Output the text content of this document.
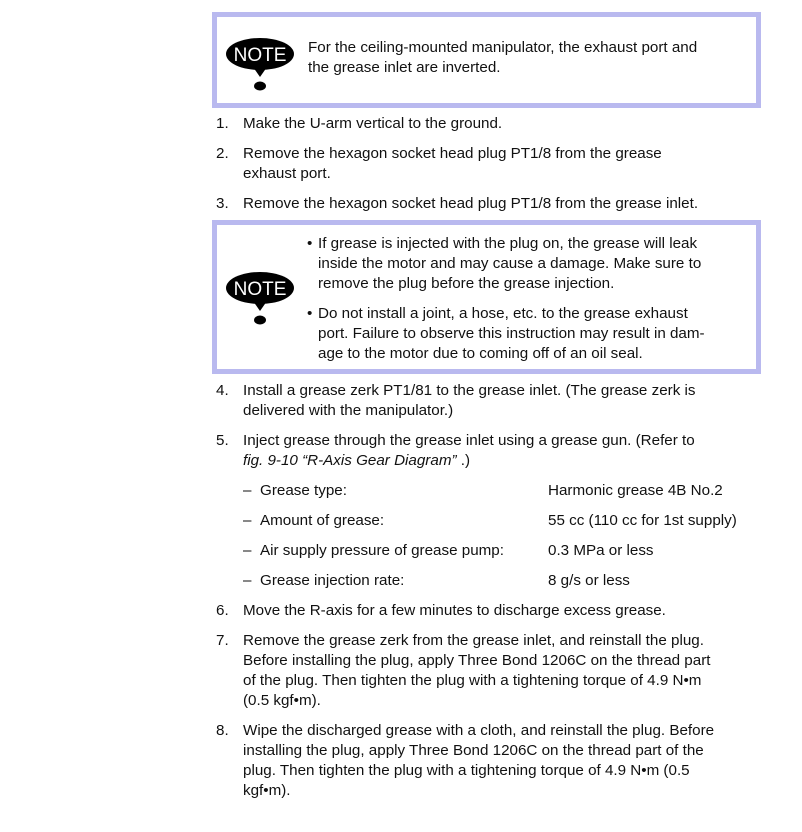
NOTE For the ceiling-mounted manipulator, the exhaust port and
the grease inlet are inverted.
1. Make the U-arm vertical to the ground.
2. Remove the hexagon socket head plug PT1/8 from the grease
exhaust port.
3. Remove the hexagon socket head plug PT1/8 from the grease inlet.
NOTE
• If grease is injected with the plug on, the grease will leak
inside the motor and may cause a damage. Make sure to
remove the plug before the grease injection.
• Do not install a joint, a hose, etc. to the grease exhaust
port. Failure to observe this instruction may result in dam-
age to the motor due to coming off of an oil seal.
4. Install a grease zerk PT1/81 to the grease inlet. (The grease zerk is
delivered with the manipulator.)
5. Inject grease through the grease inlet using a grease gun. (Refer to
fig. 9-10 “R-Axis Gear Diagram” .)
– Grease type:	Harmonic grease 4B No.2
– Amount of grease:	55 cc (110 cc for 1st supply)
– Air supply pressure of grease pump:	0.3 MPa or less
– Grease injection rate:	8 g/s or less
6. Move the R-axis for a few minutes to discharge excess grease.
7. Remove the grease zerk from the grease inlet, and reinstall the plug.
Before installing the plug, apply Three Bond 1206C on the thread part
of the plug. Then tighten the plug with a tightening torque of 4.9 N•m
(0.5 kgf•m).
8. Wipe the discharged grease with a cloth, and reinstall the plug. Before
installing the plug, apply Three Bond 1206C on the thread part of the
plug. Then tighten the plug with a tightening torque of 4.9 N•m (0.5
kgf•m).
